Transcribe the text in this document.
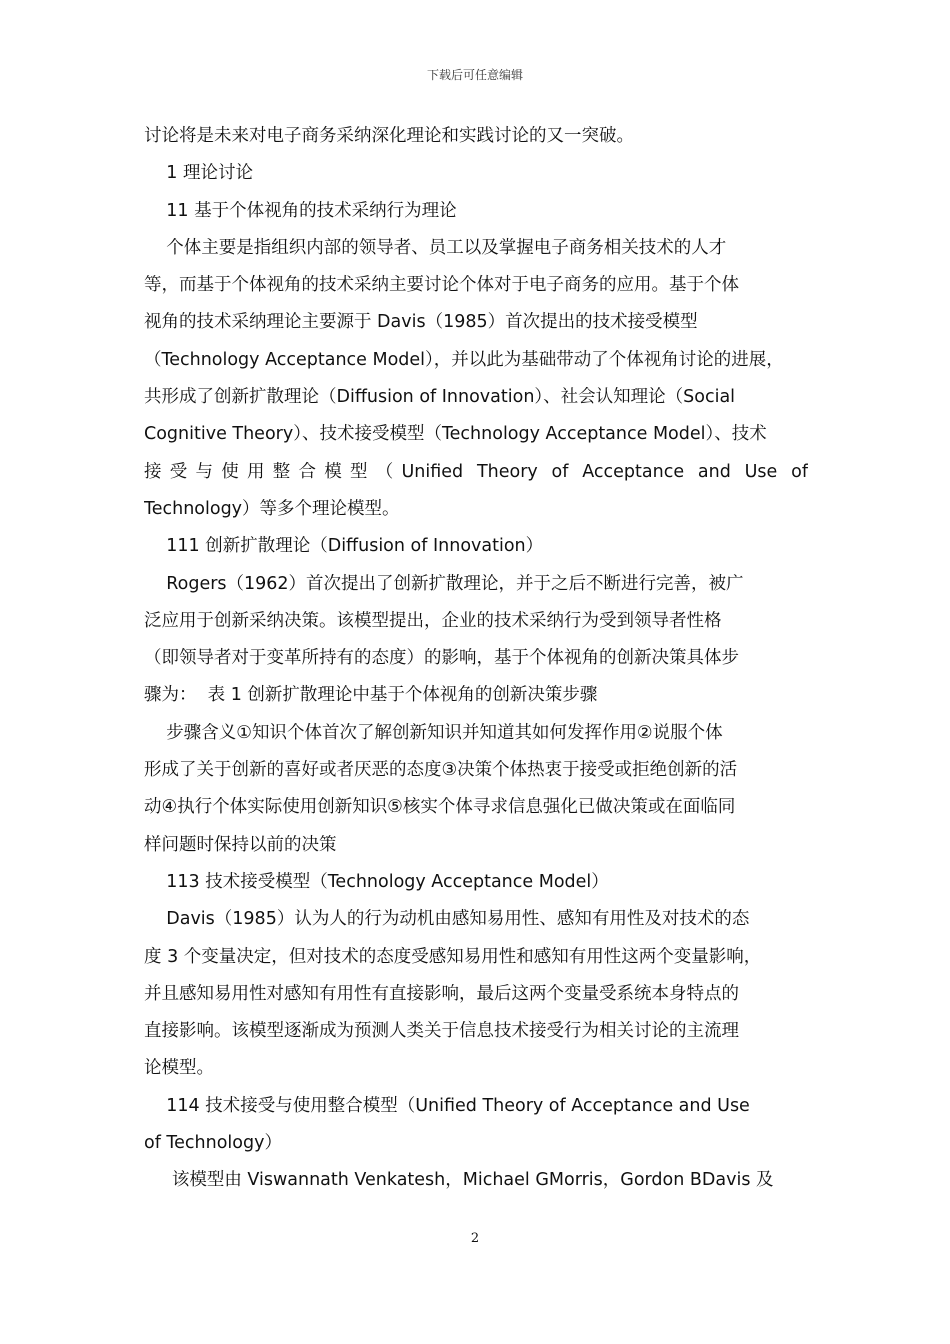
下载后可任意编辑
讨论将是未来对电子商务采纳深化理论和实践讨论的又一突破。
1 理论讨论
11 基于个体视角的技术采纳行为理论
个体主要是指组织内部的领导者、员工以及掌握电子商务相关技术的人才
等，而基于个体视角的技术采纳主要讨论个体对于电子商务的应用。基于个体
视角的技术采纳理论主要源于 Davis（1985）首次提出的技术接受模型
（Technology Acceptance Model），并以此为基础带动了个体视角讨论的进展，
共形成了创新扩散理论（Diffusion of Innovation）、社会认知理论（Social
Cognitive Theory）、技术接受模型（Technology Acceptance Model）、技术
接受与使用整合模型（Unified Theory of Acceptance and Use of
Technology）等多个理论模型。
111 创新扩散理论（Diffusion of Innovation）
Rogers（1962）首次提出了创新扩散理论，并于之后不断进行完善，被广
泛应用于创新采纳决策。该模型提出，企业的技术采纳行为受到领导者性格
（即领导者对于变革所持有的态度）的影响，基于个体视角的创新决策具体步
骤为：  表 1 创新扩散理论中基于个体视角的创新决策步骤
步骤含义①知识个体首次了解创新知识并知道其如何发挥作用②说服个体
形成了关于创新的喜好或者厌恶的态度③决策个体热衷于接受或拒绝创新的活
动④执行个体实际使用创新知识⑤核实个体寻求信息强化已做决策或在面临同
样问题时保持以前的决策
113 技术接受模型（Technology Acceptance Model）
Davis（1985）认为人的行为动机由感知易用性、感知有用性及对技术的态
度 3 个变量决定，但对技术的态度受感知易用性和感知有用性这两个变量影响，
并且感知易用性对感知有用性有直接影响，最后这两个变量受系统本身特点的
直接影响。该模型逐渐成为预测人类关于信息技术接受行为相关讨论的主流理
论模型。
114 技术接受与使用整合模型（Unified Theory of Acceptance and Use
of Technology）
该模型由 Viswannath Venkatesh，Michael GMorris，Gordon BDavis 及
2
